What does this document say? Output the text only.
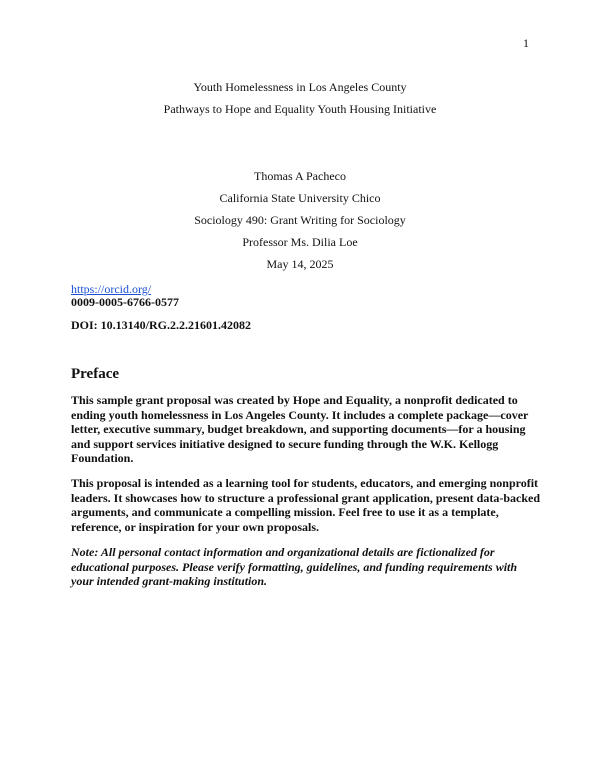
1
Youth Homelessness in Los Angeles County
Pathways to Hope and Equality Youth Housing Initiative
Thomas A Pacheco
California State University Chico
Sociology 490: Grant Writing for Sociology
Professor Ms. Dilia Loe
May 14, 2025
https://orcid.org/
0009-0005-6766-0577
DOI: 10.13140/RG.2.2.21601.42082
Preface
This sample grant proposal was created by Hope and Equality, a nonprofit dedicated to ending youth homelessness in Los Angeles County. It includes a complete package—cover letter, executive summary, budget breakdown, and supporting documents—for a housing and support services initiative designed to secure funding through the W.K. Kellogg Foundation.
This proposal is intended as a learning tool for students, educators, and emerging nonprofit leaders. It showcases how to structure a professional grant application, present data-backed arguments, and communicate a compelling mission. Feel free to use it as a template, reference, or inspiration for your own proposals.
Note: All personal contact information and organizational details are fictionalized for educational purposes. Please verify formatting, guidelines, and funding requirements with your intended grant-making institution.
